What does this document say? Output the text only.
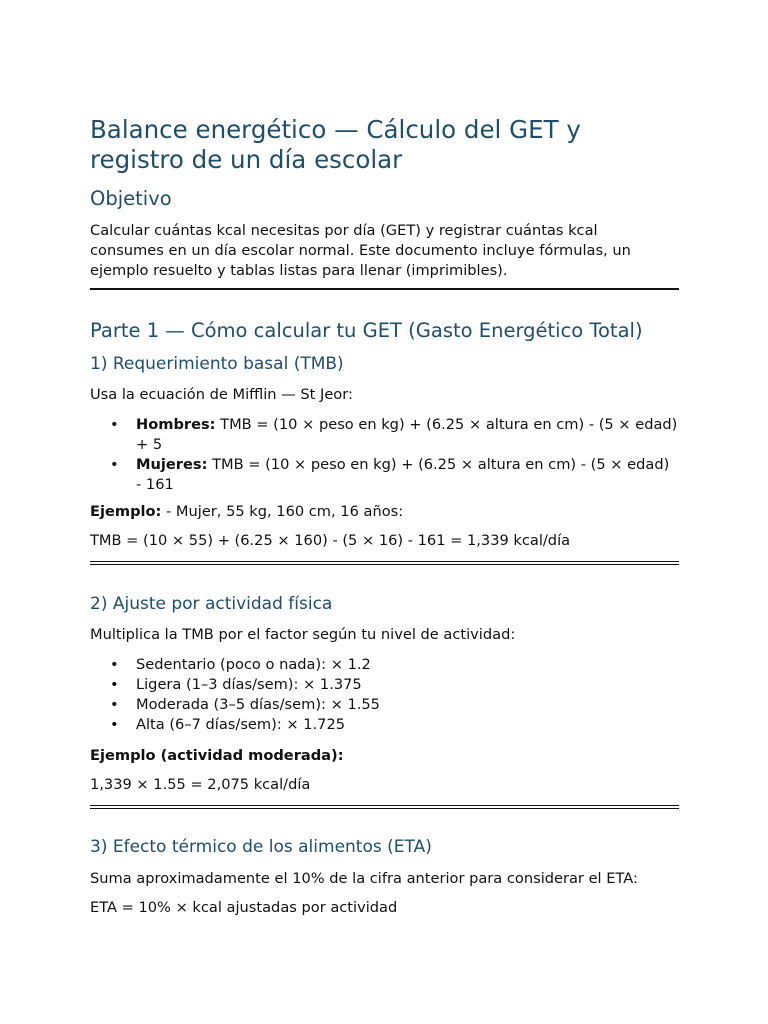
Balance energético — Cálculo del GET y registro de un día escolar
Objetivo
Calcular cuántas kcal necesitas por día (GET) y registrar cuántas kcal consumes en un día escolar normal. Este documento incluye fórmulas, un ejemplo resuelto y tablas listas para llenar (imprimibles).
Parte 1 — Cómo calcular tu GET (Gasto Energético Total)
1) Requerimiento basal (TMB)
Usa la ecuación de Mifflin — St Jeor:
• Hombres: TMB = (10 × peso en kg) + (6.25 × altura en cm) - (5 × edad) + 5
• Mujeres: TMB = (10 × peso en kg) + (6.25 × altura en cm) - (5 × edad) - 161
Ejemplo: - Mujer, 55 kg, 160 cm, 16 años:
TMB = (10 × 55) + (6.25 × 160) - (5 × 16) - 161 = 1,339 kcal/día
2) Ajuste por actividad física
Multiplica la TMB por el factor según tu nivel de actividad:
• Sedentario (poco o nada): × 1.2
• Ligera (1–3 días/sem): × 1.375
• Moderada (3–5 días/sem): × 1.55
• Alta (6–7 días/sem): × 1.725
Ejemplo (actividad moderada):
1,339 × 1.55 = 2,075 kcal/día
3) Efecto térmico de los alimentos (ETA)
Suma aproximadamente el 10% de la cifra anterior para considerar el ETA:
ETA = 10% × kcal ajustadas por actividad
